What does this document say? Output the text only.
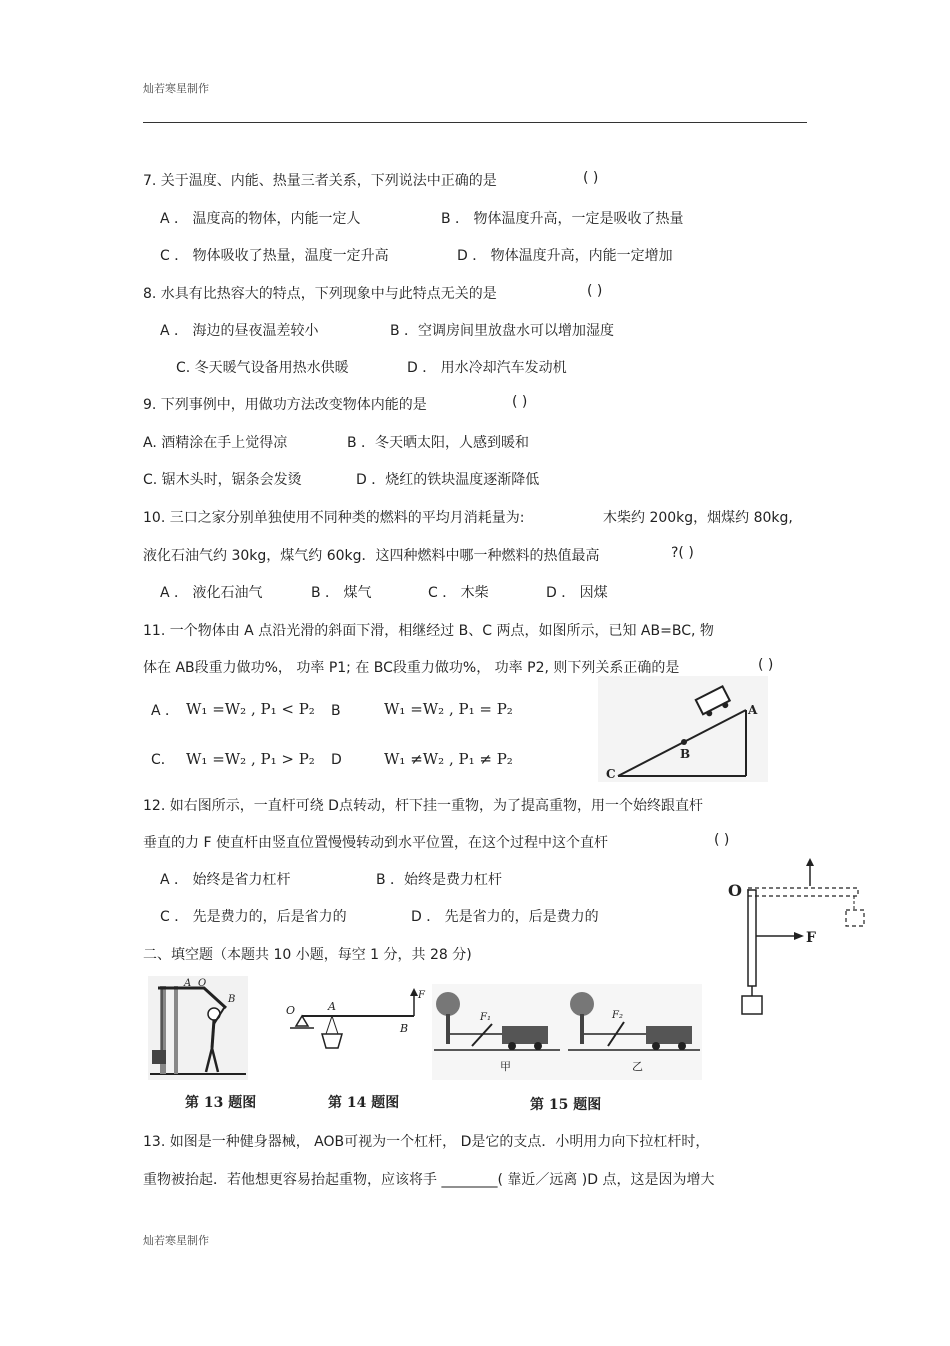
灿若寒星制作
7. 关于温度、内能、热量三者关系，下列说法中正确的是	( )
A ． 温度高的物体，内能一定人	B ． 物体温度升高，一定是吸收了热量
C ． 物体吸收了热量，温度一定升高	D ． 物体温度升高，内能一定增加
8. 水具有比热容大的特点，下列现象中与此特点无关的是	( )
A ． 海边的昼夜温差较小	B ．空调房间里放盘水可以增加湿度
C. 冬天暖气设备用热水供暖	D ． 用水冷却汽车发动机
9. 下列事例中，用做功方法改变物体内能的是	( )
A. 酒精涂在手上觉得凉	B ．冬天晒太阳，人感到暖和
C. 锯木头时，锯条会发烫	D ．烧红的铁块温度逐渐降低
10. 三口之家分别单独使用不同种类的燃料的平均月消耗量为:	木柴约 200kg，烟煤约 80kg,
液化石油气约 30kg，煤气约 60kg．这四种燃料中哪一种燃料的热值最高	?( )
A ． 液化石油气	B ． 煤气	C ． 木柴	D ． 因煤
11. 一个物体由 A 点沿光滑的斜面下滑，相继经过 B、C 两点，如图所示，已知 AB=BC, 物
体在 AB段重力做功%， 功率 P1; 在 BC段重力做功%， 功率 P2, 则下列关系正确的是	( )
A ． W₁ =W₂ , P₁ < P₂ B	W₁ =W₂ , P₁ = P₂
C． W₁ =W₂ , P₁ > P₂ D	W₁ ≠W₂ , P₁ ≠ P₂
A
B
C
12. 如右图所示，一直杆可绕 D点转动，杆下挂一重物，为了提高重物，用一个始终跟直杆
垂直的力 F 使直杆由竖直位置慢慢转动到水平位置，在这个过程中这个直杆	( )
A ． 始终是省力杠杆	B ．始终是费力杠杆
C ． 先是费力的，后是省力的	D ． 先是省力的，后是费力的
O
F
二、填空题（本题共 10 小题，每空 1 分，共 28 分)
A O
B
第 13 题图
O	A
B
F
第 14 题图
F₁
甲
F₂
乙
第 15 题图
13. 如图是一种健身器械， AOB可视为一个杠杆， D是它的支点．小明用力向下拉杠杆时，
重物被抬起．若他想更容易抬起重物，应该将手 ________( 靠近／远离 )D 点，这是因为增大
灿若寒星制作
